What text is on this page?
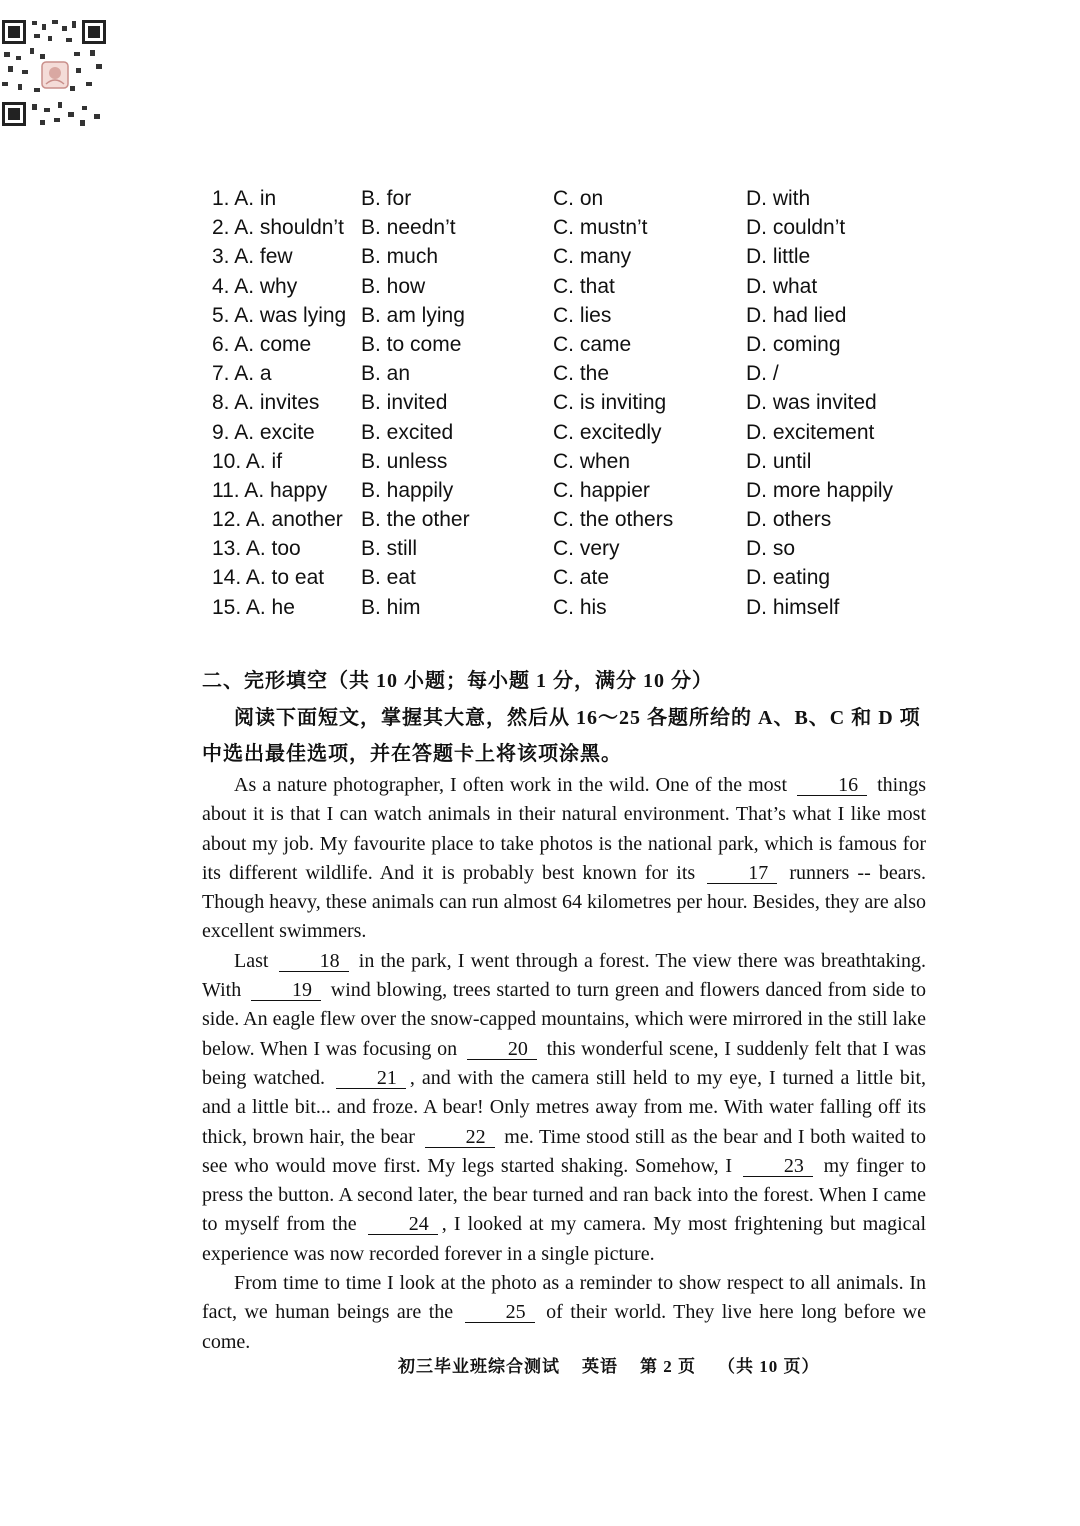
1. A. in	B. for	C. on	D. with
2. A. shouldn’t B. needn’t	C. mustn’t	D. couldn’t
3. A. few	B. much	C. many	D. little
4. A. why	B. how	C. that	D. what
5. A. was lying B. am lying	C. lies	D. had lied
6. A. come	B. to come	C. came	D. coming
7. A. a	B. an	C. the	D. /
8. A. invites	B. invited	C. is inviting	D. was invited
9. A. excite	B. excited	C. excitedly	D. excitement
10. A. if	B. unless	C. when	D. until
11. A. happy	B. happily	C. happier	D. more happily
12. A. another B. the other	C. the others	D. others
13. A. too	B. still	C. very	D. so
14. A. to eat	B. eat	C. ate	D. eating
15. A. he	B. him	C. his	D. himself
二、完形填空（共 10 小题；每小题 1 分，满分 10 分）
阅读下面短文，掌握其大意，然后从 16～25 各题所给的 A、B、C 和 D 项中选出最佳选项，并在答题卡上将该项涂黑。

As a nature photographer, I often work in the wild. One of the most	16 things about it is that I can watch animals in their natural environment. That’s what I like most about my job. My favourite place to take photos is the national park, which is famous for its different wildlife. And it is probably best known for its	17 runners -- bears. Though heavy, these animals can run almost 64 kilometres per hour. Besides, they are also excellent swimmers.

Last	18 in the park, I went through a forest. The view there was breathtaking. With	19 wind blowing, trees started to turn green and flowers danced from side to side. An eagle flew over the snow-capped mountains, which were mirrored in the still lake below. When I was focusing on	20 this wonderful scene, I suddenly felt that I was being watched.	21 , and with the camera still held to my eye, I turned a little bit, and a little bit... and froze. A bear! Only metres away from me. With water falling off its thick, brown hair, the bear	22 me. Time stood still as the bear and I both waited to see who would move first. My legs started shaking. Somehow, I	23 my finger to press the button. A second later, the bear turned and ran back into the forest. When I came to myself from the	24 , I looked at my camera. My most frightening but magical experience was now recorded forever in a single picture.

From time to time I look at the photo as a reminder to show respect to all animals. In fact, we human beings are the	25 of their world. They live here long before we come.

初三毕业班综合测试 英语 第 2 页 （共 10 页）
